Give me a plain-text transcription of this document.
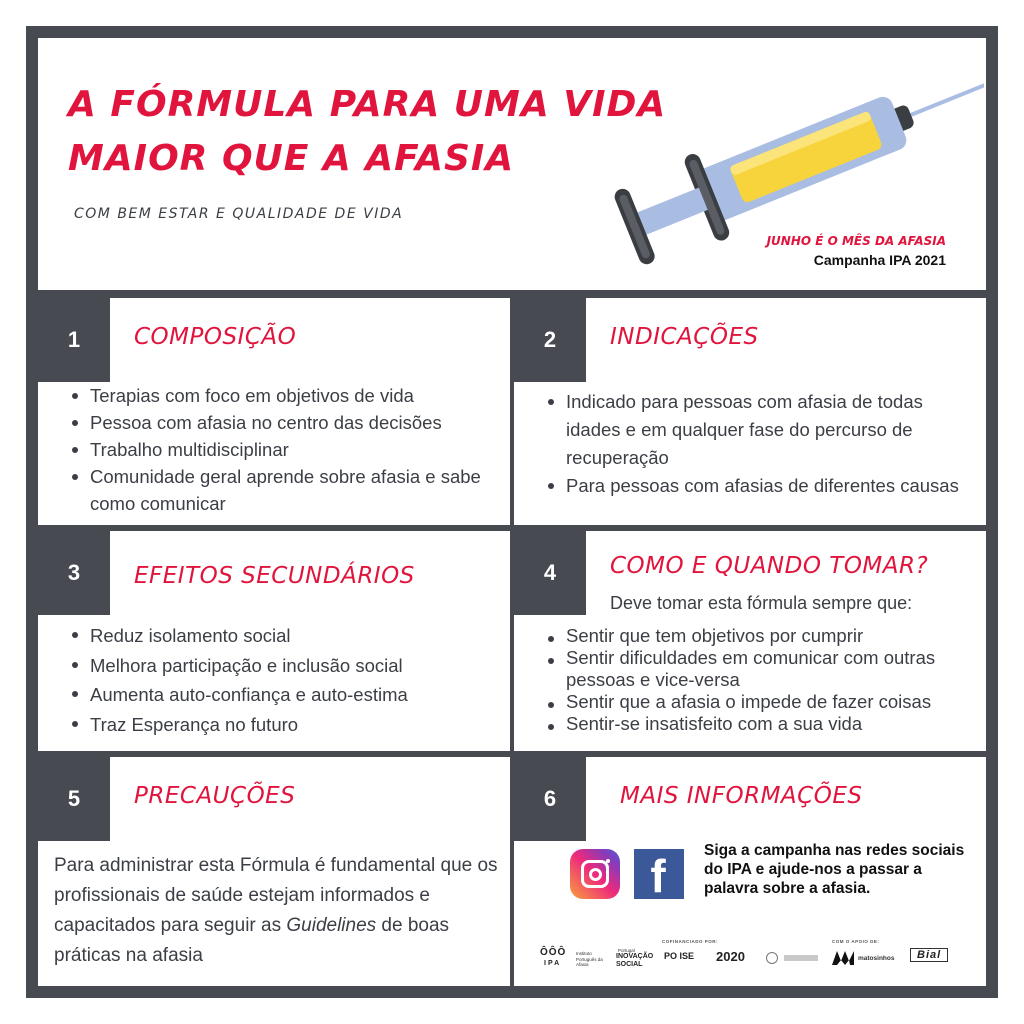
A FÓRMULA PARA UMA VIDA
MAIOR QUE A AFASIA
COM BEM ESTAR E QUALIDADE DE VIDA
JUNHO É O MÊS DA AFASIA
Campanha IPA 2021
1	COMPOSIÇÃO
Terapias com foco em objetivos de vida
Pessoa com afasia no centro das decisões
Trabalho multidisciplinar
Comunidade geral aprende sobre afasia e sabe como comunicar
2	INDICAÇÕES
Indicado para pessoas com afasia de todas idades e em qualquer fase do percurso de recuperação
Para pessoas com afasias de diferentes causas
3	EFEITOS SECUNDÁRIOS
Reduz isolamento social
Melhora participação e inclusão social
Aumenta auto-confiança e auto-estima
Traz Esperança no futuro
4	COMO E QUANDO TOMAR?
Deve tomar esta fórmula sempre que:
Sentir que tem objetivos por cumprir
Sentir dificuldades em comunicar com outras pessoas e vice-versa
Sentir que a afasia o impede de fazer coisas
Sentir-se insatisfeito com a sua vida
5	PRECAUÇÕES

Para administrar esta Fórmula é fundamental que os profissionais de saúde estejam informados e capacitados para seguir as Guidelines de boas práticas na afasia

6	MAIS INFORMAÇÕES
f	Siga a campanha nas redes sociais do IPA e ajude-nos a passar a palavra sobre a afasia.
ÔÔÔ
IPA
Instituto Português da Afasia
Portugal
INOVAÇÃO SOCIAL
COFINANCIADO POR:
PO ISE 2020
COM O APOIO DE:
matosinhos	Bial
